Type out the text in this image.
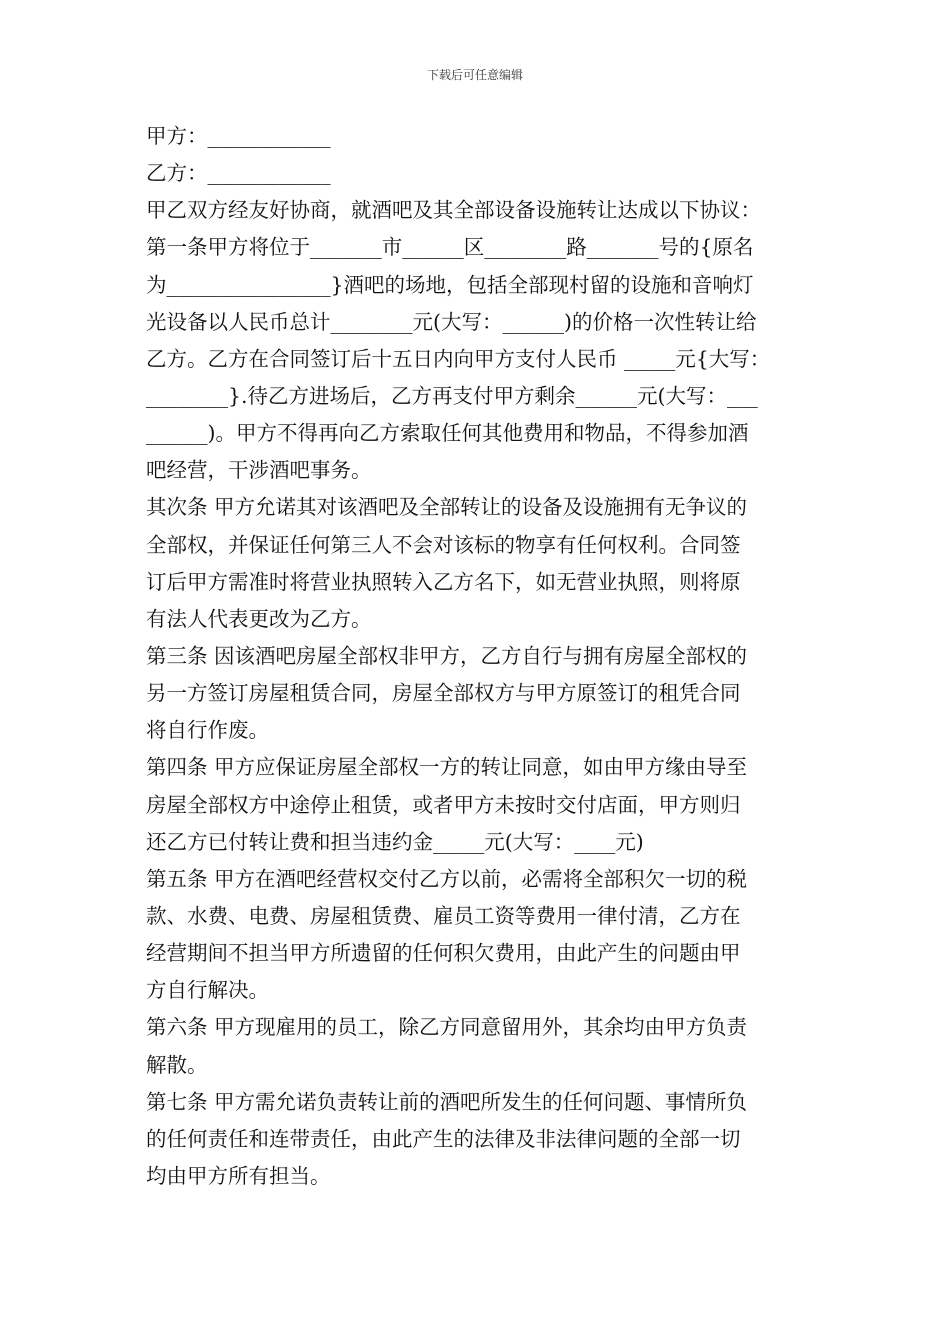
下载后可任意编辑
甲方：____________
乙方：____________
甲乙双方经友好协商，就酒吧及其全部设备设施转让达成以下协议：
第一条甲方将位于_______市______区________路_______号的{原名
为________________}酒吧的场地，包括全部现村留的设施和音响灯
光设备以人民币总计________元(大写：______)的价格一次性转让给
乙方。乙方在合同签订后十五日内向甲方支付人民币 _____元{大写：
________}.待乙方进场后，乙方再支付甲方剩余______元(大写：___
______)。甲方不得再向乙方索取任何其他费用和物品，不得参加酒
吧经营，干涉酒吧事务。
其次条 甲方允诺其对该酒吧及全部转让的设备及设施拥有无争议的
全部权，并保证任何第三人不会对该标的物享有任何权利。合同签
订后甲方需准时将营业执照转入乙方名下，如无营业执照，则将原
有法人代表更改为乙方。
第三条 因该酒吧房屋全部权非甲方，乙方自行与拥有房屋全部权的
另一方签订房屋租赁合同，房屋全部权方与甲方原签订的租凭合同
将自行作废。
第四条 甲方应保证房屋全部权一方的转让同意，如由甲方缘由导至
房屋全部权方中途停止租赁，或者甲方未按时交付店面，甲方则归
还乙方已付转让费和担当违约金_____元(大写：____元)
第五条 甲方在酒吧经营权交付乙方以前，必需将全部积欠一切的税
款、水费、电费、房屋租赁费、雇员工资等费用一律付清，乙方在
经营期间不担当甲方所遗留的任何积欠费用，由此产生的问题由甲
方自行解决。
第六条 甲方现雇用的员工，除乙方同意留用外，其余均由甲方负责
解散。
第七条 甲方需允诺负责转让前的酒吧所发生的任何问题、事情所负
的任何责任和连带责任，由此产生的法律及非法律问题的全部一切
均由甲方所有担当。
